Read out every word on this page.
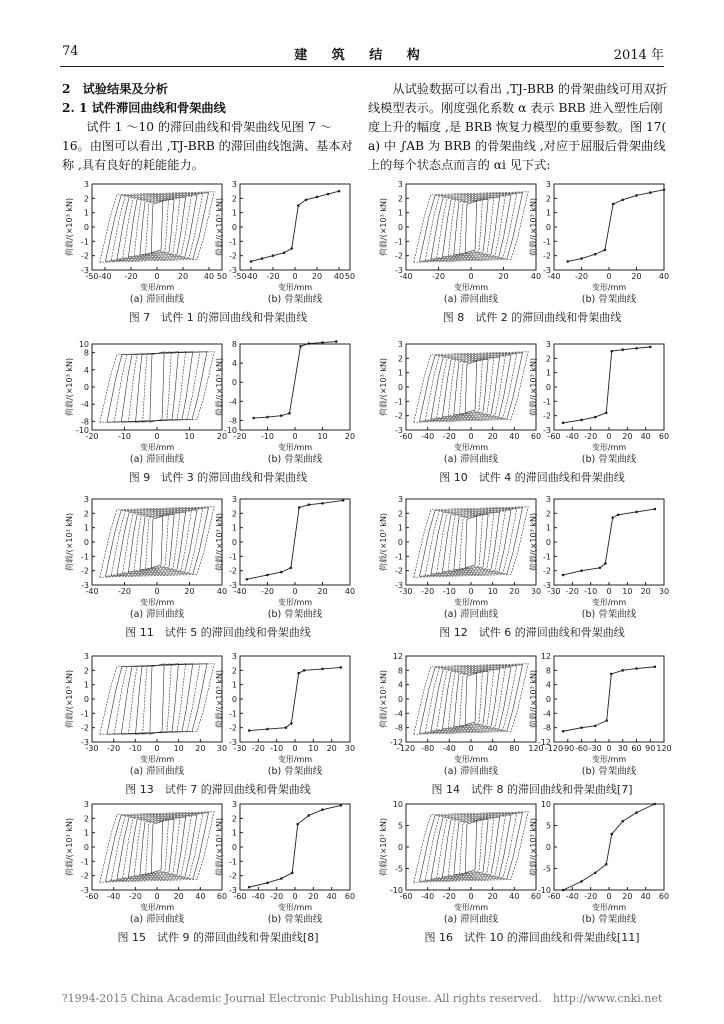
74	建 筑 结 构	2014 年

2　试验结果及分析

2. 1 试件滞回曲线和骨架曲线

试件 1 ～10 的滞回曲线和骨架曲线见图 7 ～ 16。由图可以看出 ,TJ-BRB 的滞回曲线饱满、基本对称 ,具有良好的耗能能力。

从试验数据可以看出 ,TJ-BRB 的骨架曲线可用双折线模型表示。刚度强化系数 α 表示 BRB 进入塑性后刚度上升的幅度 ,是 BRB 恢复力模型的重要参数。图 17( a) 中 ∫AB 为 BRB 的骨架曲线 ,对应于屈服后骨架曲线上的每个状态点而言的 αi 见下式:

-50 -40 -20 0 20 40 50
-3
-2
-1
0
1
2
3
荷载/(×10³ kN)
变形/mm
(a) 滞回曲线
-50
-40 -20 0 20 40 50
-3
-2
-1
0
1
2
3
荷载/(×10³ kN)
变形/mm
(b) 骨架曲线
图 7　试件 1 的滞回曲线和骨架曲线
-40 -20	0	20	40
-3
-2
-1
0
1
2
3
荷载/(×10³ kN)
变形/mm
(a) 滞回曲线
-40 -20 0 20 40
-3
-2
-1
0
1
2
3
荷载/(×10³ kN)
变形/mm
(b) 骨架曲线
图 8　试件 2 的滞回曲线和骨架曲线
-20 -10	0	10	20
-10
-8
-4
0
4
8
10
荷载/(×10³ kN)
变形/mm
(a) 滞回曲线
-20 -10 0 10 20
-10
-8
-4
0
4
8
荷载/(×10³ kN)
变形/mm
(b) 骨架曲线
图 9　试件 3 的滞回曲线和骨架曲线
-60 -40 -20 0 20 40 60
-3
-2
-1
0
1
2
3
荷载/(×10³ kN)
变形/mm
(a) 滞回曲线
-60 -40 -20 0 20 40 60
-3
-2
-1
0
1
2
3
荷载/(×10³ kN)
变形/mm
(b) 骨架曲线
图 10　试件 4 的滞回曲线和骨架曲线
-40 -20	0	20	40
-3
-2
-1
0
1
2
3
荷载/(×10³ kN)
变形/mm
(a) 滞回曲线
-40 -20 0 20 40
-3
-2
-1
0
1
2
3
荷载/(×10³ kN)
变形/mm
(b) 骨架曲线
图 11　试件 5 的滞回曲线和骨架曲线
-30 -20 -10 0 10 20 30
-3
-2
-1
0
1
2
3
荷载/(×10³ kN)
变形/mm
(a) 滞回曲线
-30 -20 -10 0 10 20 30
-3
-2
-1
0
1
2
3
荷载/(×10³ kN)
变形/mm
(b) 骨架曲线
图 12　试件 6 的滞回曲线和骨架曲线
-30 -20 -10 0 10 20 30
-3
-2
-1
0
1
2
3
荷载/(×10³ kN)
变形/mm
(a) 滞回曲线
-30 -20 -10 0 10 20 30
-3
-2
-1
0
1
2
3
荷载/(×10³ kN)
变形/mm
(b) 骨架曲线
图 13　试件 7 的滞回曲线和骨架曲线
-120 -80 -40 0 40 80 120
-12
-8
-4
0
4
8
12
荷载/(×10³ kN)
变形/mm
(a) 滞回曲线
-120
-90 -60 -30 0 30 60 90 120
-12
-8
-4
0
4
8
12
荷载/(×10³ kN)
变形/mm
(b) 骨架曲线
图 14　试件 8 的滞回曲线和骨架曲线[7]
-60 -40 -20 0 20 40 60
-3
-2
-1
0
1
2
3
荷载/(×10³ kN)
变形/mm
(a) 滞回曲线
-60 -40 -20 0 20 40 60
-3
-2
-1
0
1
2
3
荷载/(×10³ kN)
变形/mm
(b) 骨架曲线
图 15　试件 9 的滞回曲线和骨架曲线[8]
-60 -40 -20 0 20 40 60
-10
-5
0
5
10
荷载/(×10³ kN)
变形/mm
(a) 滞回曲线
-60 -40 -20 0 20 40 60
-10
-5
0
5
10
荷载/(×10³ kN)
变形/mm
(b) 骨架曲线
图 16　试件 10 的滞回曲线和骨架曲线[11]
?1994-2015 China Academic Journal Electronic Publishing House. All rights reserved.　http://www.cnki.net
